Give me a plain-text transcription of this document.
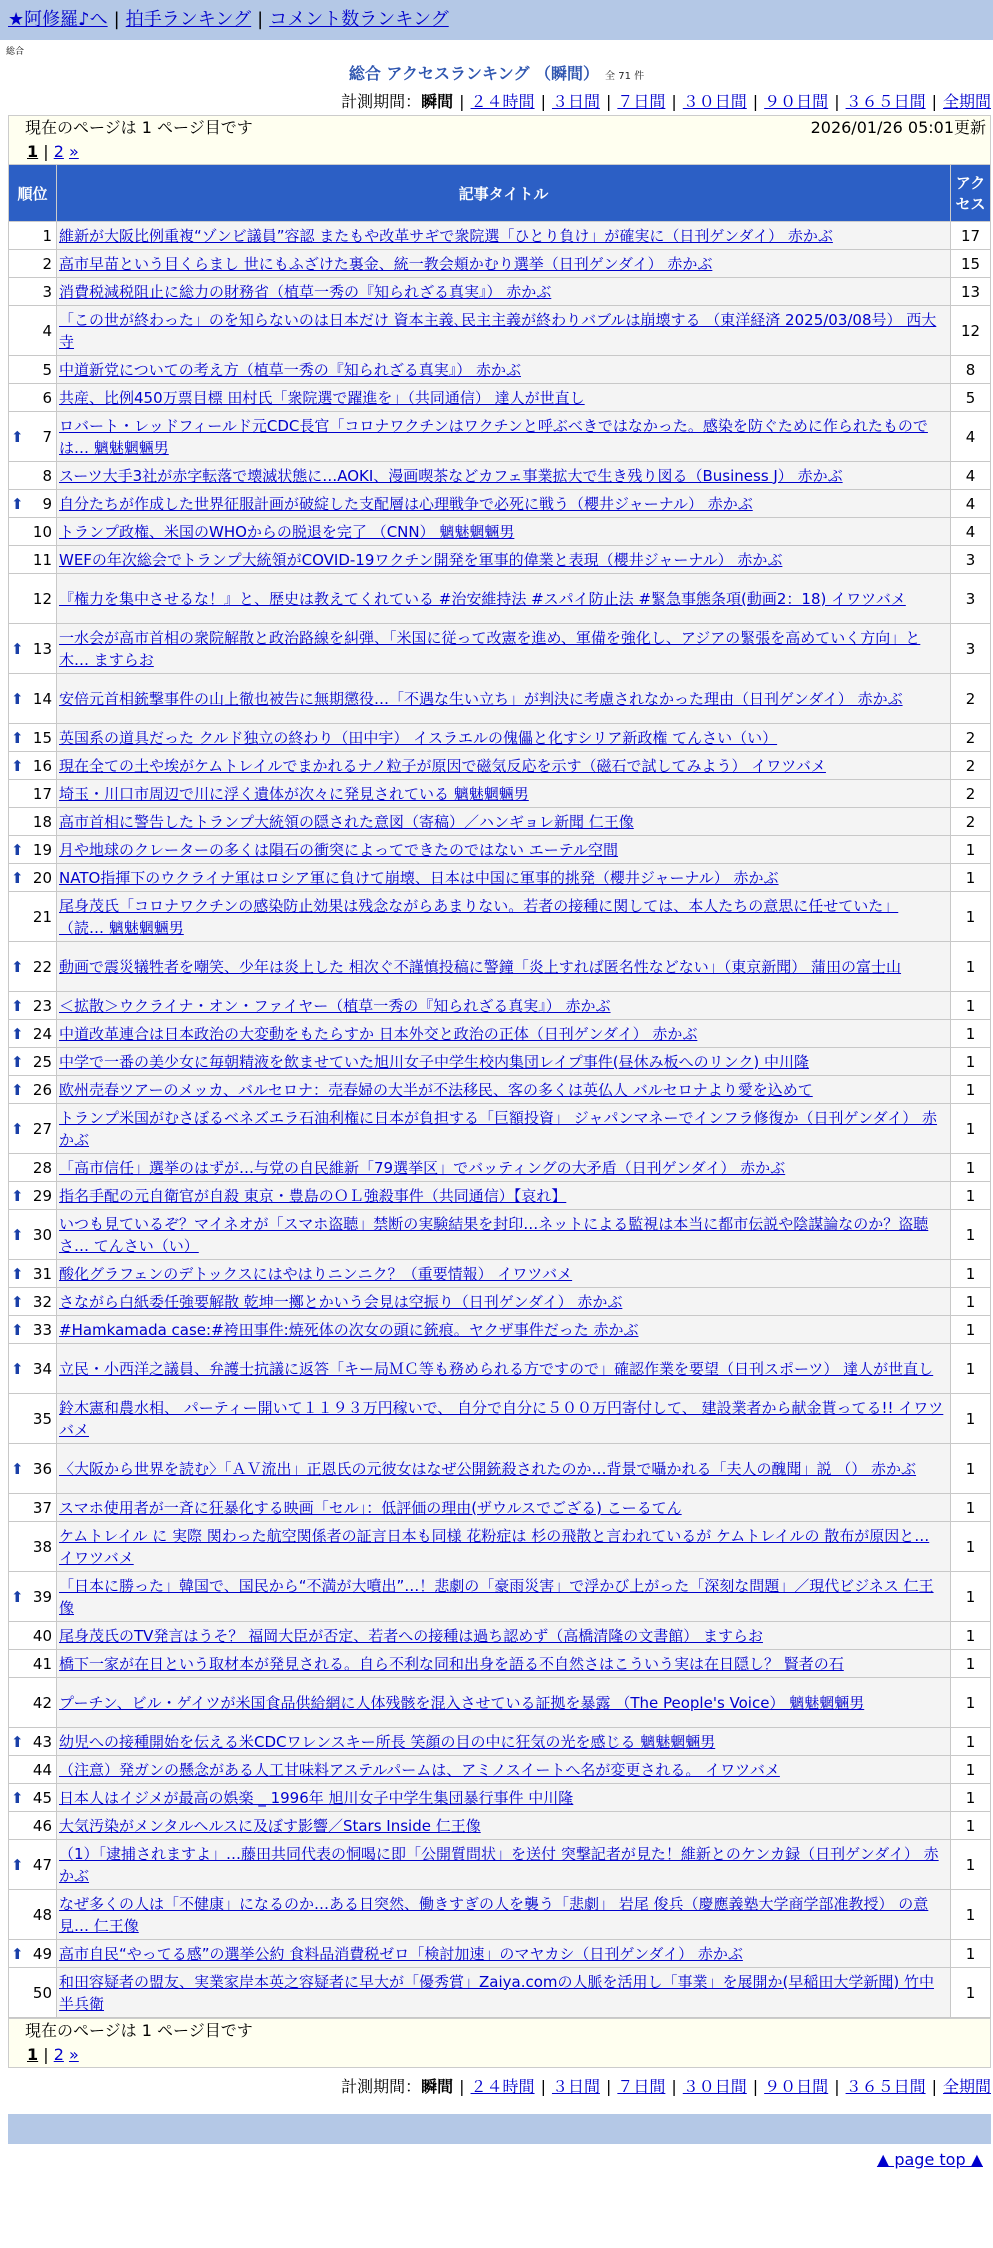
★阿修羅♪へ | 拍手ランキング | コメント数ランキング
総合
総合 アクセスランキング （瞬間） 全 71 件
計測期間：瞬間 | ２４時間 | ３日間 | ７日間 | ３０日間 | ９０日間 | ３６５日間 | 全期間
現在のページは 1 ページ目です	2026/01/26 05:01更新
1 | 2 »
順位	記事タイトル	アクセス
1	維新が大阪比例重複“ゾンビ議員”容認 またもや改革サギで衆院選「ひとり負け」が確実に（日刊ゲンダイ） 赤かぶ	17
2	高市早苗という目くらまし 世にもふざけた裏金、統一教会頬かむり選挙（日刊ゲンダイ） 赤かぶ	15
3	消費税減税阻止に総力の財務省（植草一秀の『知られざる真実』） 赤かぶ	13
4	「この世が終わった」のを知らないのは日本だけ 資本主義､民主主義が終わりバブルは崩壊する （東洋経済 2025/03/08号） 西大寺	12
5	中道新党についての考え方（植草一秀の『知られざる真実』） 赤かぶ	8
6	共産、比例450万票目標 田村氏「衆院選で躍進を」（共同通信） 達人が世直し	5

⬆ 7	ロバート・レッドフィールド元CDC長官「コロナワクチンはワクチンと呼ぶべきではなかった。感染を防ぐために作られたものでは… 魑魅魍魎男	4
8	スーツ大手3社が赤字転落で壊滅状態に…AOKI、漫画喫茶などカフェ事業拡大で生き残り図る（Business J） 赤かぶ	4

⬆ 9	自分たちが作成した世界征服計画が破綻した支配層は心理戦争で必死に戦う（櫻井ジャーナル） 赤かぶ	4
10	トランプ政権、米国のWHOからの脱退を完了 （CNN） 魑魅魍魎男	4
11	WEFの年次総会でトランプ大統領がCOVID-19ワクチン開発を軍事的偉業と表現（櫻井ジャーナル） 赤かぶ	3
12	『権力を集中させるな！』と、歴史は教えてくれている #治安維持法 #スパイ防止法 #緊急事態条項(動画2：18) イワツバメ	3

⬆ 13	一水会が高市首相の衆院解散と政治路線を糾弾、「米国に従って改憲を進め、軍備を強化し、アジアの緊張を高めていく方向」と木… ますらお	3

⬆ 14	安倍元首相銃撃事件の山上徹也被告に無期懲役…「不遇な生い立ち」が判決に考慮されなかった理由（日刊ゲンダイ） 赤かぶ	2

⬆ 15	英国系の道具だった クルド独立の終わり（田中宇） イスラエルの傀儡と化すシリア新政権 てんさい（い）	2

⬆ 16	現在全ての土や埃がケムトレイルでまかれるナノ粒子が原因で磁気反応を示す（磁石で試してみよう） イワツバメ	2
17	埼玉・川口市周辺で川に浮く遺体が次々に発見されている 魑魅魍魎男	2
18	高市首相に警告したトランプ大統領の隠された意図（寄稿）／ハンギョレ新聞 仁王像	2

⬆ 19	月や地球のクレーターの多くは隕石の衝突によってできたのではない エーテル空間	1

⬆ 20	NATO指揮下のウクライナ軍はロシア軍に負けて崩壊、日本は中国に軍事的挑発（櫻井ジャーナル） 赤かぶ	1
21	尾身茂氏「コロナワクチンの感染防止効果は残念ながらあまりない。若者の接種に関しては、本人たちの意思に任せていた」 （読… 魑魅魍魎男	1

⬆ 22	動画で震災犠牲者を嘲笑、少年は炎上した 相次ぐ不謹慎投稿に警鐘「炎上すれば匿名性などない」（東京新聞） 蒲田の富士山	1

⬆ 23	＜拡散＞ウクライナ・オン・ファイヤー（植草一秀の『知られざる真実』） 赤かぶ	1

⬆ 24	中道改革連合は日本政治の大変動をもたらすか 日本外交と政治の正体（日刊ゲンダイ） 赤かぶ	1

⬆ 25	中学で一番の美少女に毎朝精液を飲ませていた旭川女子中学生校内集団レイプ事件(昼休み板へのリンク) 中川隆	1

⬆ 26	欧州売春ツアーのメッカ、バルセロナ：売春婦の大半が不法移民、客の多くは英仏人 バルセロナより愛を込めて	1

⬆ 27	トランプ米国がむさぼるベネズエラ石油利権に日本が負担する「巨額投資」 ジャパンマネーでインフラ修復か（日刊ゲンダイ） 赤かぶ	1
28	「高市信任」選挙のはずが…与党の自民維新「79選挙区」でバッティングの大矛盾（日刊ゲンダイ） 赤かぶ	1

⬆ 29	指名手配の元自衛官が自殺 東京・豊島のＯＬ強殺事件（共同通信）【哀れ】	1

⬆ 30	いつも見ているぞ？マイネオが「スマホ盗聴」禁断の実験結果を封印…ネットによる監視は本当に都市伝説や陰謀論なのか？盗聴さ… てんさい（い）	1

⬆ 31	酸化グラフェンのデトックスにはやはりニンニク？（重要情報） イワツバメ	1

⬆ 32	さながら白紙委任強要解散 乾坤一擲とかいう会見は空振り（日刊ゲンダイ） 赤かぶ	1

⬆ 33	#Hamkamada case:#袴田事件:焼死体の次女の頭に銃痕。ヤクザ事件だった 赤かぶ	1

⬆ 34	立民・小西洋之議員、弁護士抗議に返答「キー局ＭＣ等も務められる方ですので」確認作業を要望（日刊スポーツ） 達人が世直し	1
35	鈴木憲和農水相、 パーティー開いて１１９３万円稼いで、 自分で自分に５００万円寄付して、 建設業者から献金貰ってる!! イワツバメ	1

⬆ 36	〈大阪から世界を読む〉「ＡＶ流出」正恩氏の元彼女はなぜ公開銃殺されたのか…背景で囁かれる「夫人の醜聞」説 （） 赤かぶ	1
37	スマホ使用者が一斉に狂暴化する映画「セル」：低評価の理由(ザウルスでござる) こーるてん	1
38	ケムトレイル に 実際 関わった航空関係者の証言日本も同様 花粉症は 杉の飛散と言われているが ケムトレイルの 散布が原因と… イワツバメ	1

⬆ 39	「日本に勝った」韓国で、国民から“不満が大噴出”…！悲劇の「豪雨災害」で浮かび上がった「深刻な問題」／現代ビジネス 仁王像	1
40	尾身茂氏のTV発言はうそ？ 福岡大臣が否定、若者への接種は過ち認めず（高橋清隆の文書館） ますらお	1
41	橋下一家が在日という取材本が発見される。自ら不利な同和出身を語る不自然さはこういう実は在日隠し？ 賢者の石	1
42	プーチン、ビル・ゲイツが米国食品供給網に人体残骸を混入させている証拠を暴露 （The People's Voice） 魑魅魍魎男	1

⬆ 43	幼児への接種開始を伝える米CDCワレンスキー所長 笑顔の目の中に狂気の光を感じる 魑魅魍魎男	1
44	（注意）発ガンの懸念がある人工甘味料アステルパームは、アミノスイートへ名が変更される。 イワツバメ	1

⬆ 45	日本人はイジメが最高の娯楽 _ 1996年 旭川女子中学生集団暴行事件 中川隆	1
46	大気汚染がメンタルヘルスに及ぼす影響／Stars Inside 仁王像	1

⬆ 47	（1）「逮捕されますよ」…藤田共同代表の恫喝に即「公開質問状」を送付 突撃記者が見た！維新とのケンカ録（日刊ゲンダイ） 赤かぶ	1
48	なぜ多くの人は「不健康」になるのか…ある日突然、働きすぎの人を襲う「悲劇」 岩尾 俊兵（慶應義塾大学商学部准教授） の意見… 仁王像	1

⬆ 49	高市自民“やってる感”の選挙公約 食料品消費税ゼロ「検討加速」のマヤカシ（日刊ゲンダイ） 赤かぶ	1
50	和田容疑者の盟友、実業家岸本英之容疑者に早大が「優秀賞」Zaiya.comの人脈を活用し「事業」を展開か(早稲田大学新聞) 竹中半兵衛	1
現在のページは 1 ページ目です
1 | 2 »
計測期間：瞬間 | ２４時間 | ３日間 | ７日間 | ３０日間 | ９０日間 | ３６５日間 | 全期間
▲ page top ▲
